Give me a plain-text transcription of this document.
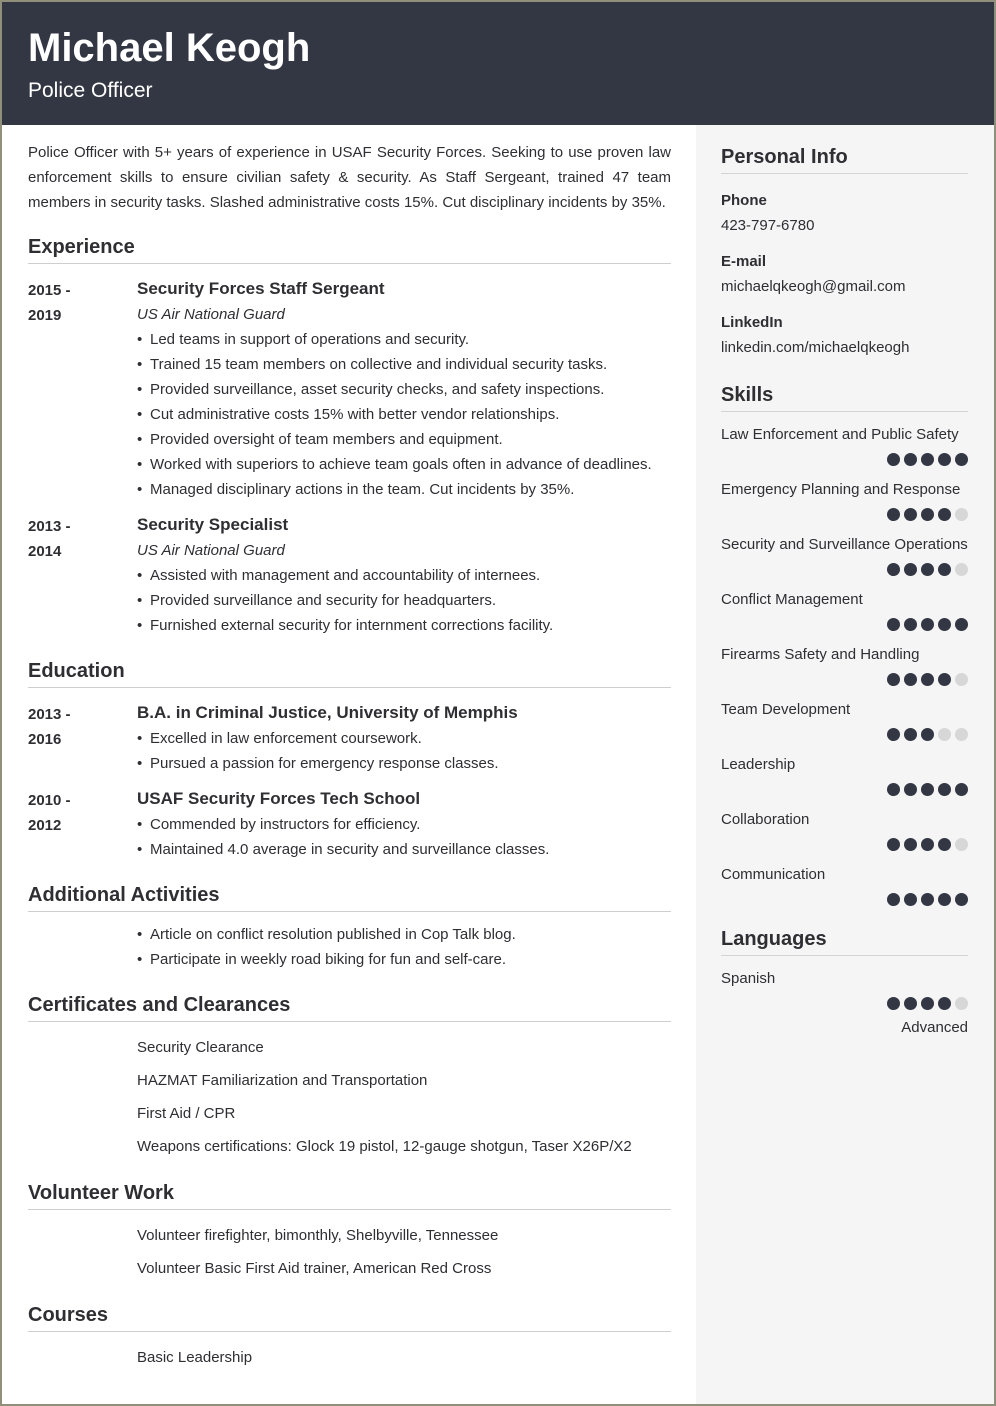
Michael Keogh
Police Officer

Police Officer with 5+ years of experience in USAF Security Forces. Seeking to use proven law enforcement skills to ensure civilian safety & security. As Staff Sergeant, trained 47 team members in security tasks. Slashed administrative costs 15%. Cut disciplinary incidents by 35%.

Experience
2015 -
2019
Security Forces Staff Sergeant
US Air National Guard
• Led teams in support of operations and security.
• Trained 15 team members on collective and individual security tasks.
• Provided surveillance, asset security checks, and safety inspections.
• Cut administrative costs 15% with better vendor relationships.
• Provided oversight of team members and equipment.
• Worked with superiors to achieve team goals often in advance of deadlines.
• Managed disciplinary actions in the team. Cut incidents by 35%.
2013 -
2014
Security Specialist
US Air National Guard
• Assisted with management and accountability of internees.
• Provided surveillance and security for headquarters.
• Furnished external security for internment corrections facility.
Education
2013 -
2016
B.A. in Criminal Justice, University of Memphis
• Excelled in law enforcement coursework.
• Pursued a passion for emergency response classes.
2010 -
2012
USAF Security Forces Tech School
• Commended by instructors for efficiency.
• Maintained 4.0 average in security and surveillance classes.
Additional Activities
• Article on conflict resolution published in Cop Talk blog.
• Participate in weekly road biking for fun and self-care.
Certificates and Clearances
Security Clearance
HAZMAT Familiarization and Transportation
First Aid / CPR
Weapons certifications: Glock 19 pistol, 12-gauge shotgun, Taser X26P/X2
Volunteer Work
Volunteer firefighter, bimonthly, Shelbyville, Tennessee
Volunteer Basic First Aid trainer, American Red Cross
Courses
Basic Leadership
Personal Info
Phone
423-797-6780
E-mail
michaelqkeogh@gmail.com
LinkedIn
linkedin.com/michaelqkeogh
Skills
Law Enforcement and Public Safety
Emergency Planning and Response
Security and Surveillance Operations
Conflict Management
Firearms Safety and Handling
Team Development
Leadership
Collaboration
Communication
Languages
Spanish
Advanced
